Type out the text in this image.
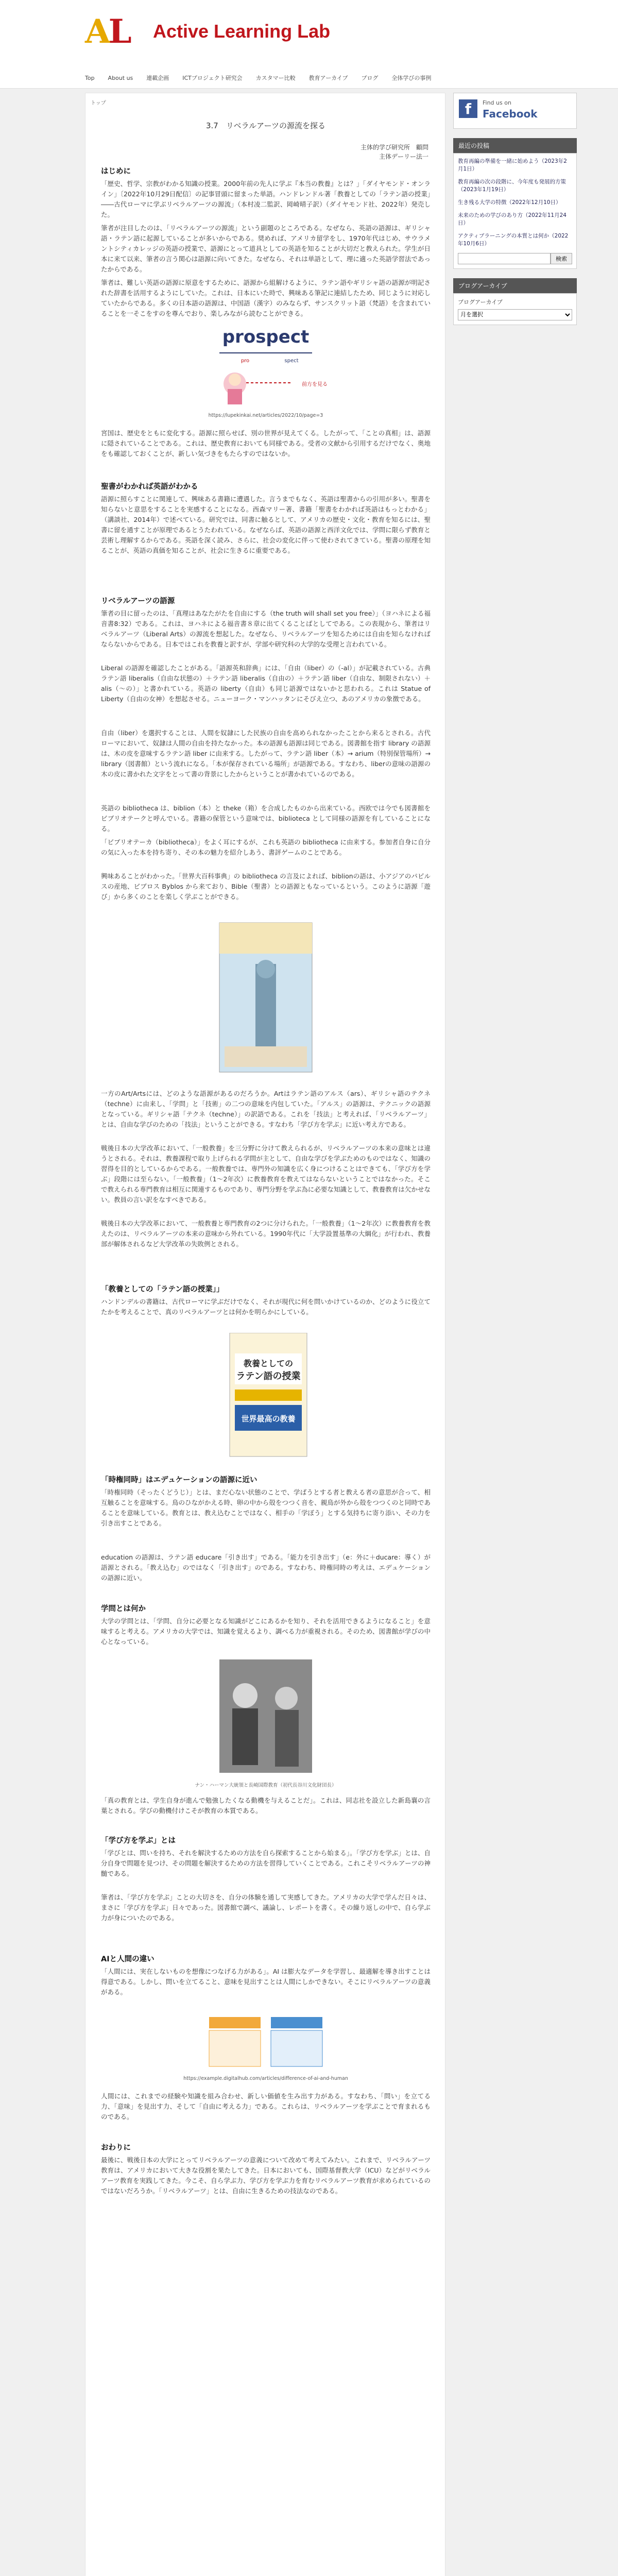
AL Active Learning Lab
Top About us 連載企画 ICTプロジェクト研究会 カスタマー比較 教育アーカイブ ブログ 全体学びの事例
トップ
3.7　リベラルアーツの源流を探る
主体的学び研究所　顧問
主体デーリー法一
はじめに
「歴史、哲学、宗教がわかる知識の授業。2000年前の先人に学ぶ『本当の教養』とは？」「ダイヤモンド・オンライン」〔2022年10月29日配信〕の記事冒頭に留まった単語。ハンドレンドル著「教養としての「ラテン語の授業」――古代ローマに学ぶリベラルアーツの源流」（本村凌二監訳、岡崎晴子訳）（ダイヤモンド社、2022年）発売した。
筆者が注目したのは、「リベラルアーツの源流」という副題のところである。なぜなら、英語の語源は、ギリシャ語・ラテン語に起源していることが多いからである。奨めれば、アメリカ留学をし、1970年代はじめ、サウラメントシティカレッジの英語の授業で、語源にとって道具としての英語を知ることが大切だと教えられた。学生が日本に来て以来、筆者の言う関心は語源に向いてきた。なぜなら、それは単語として、理に適った英語学習法であったからである。
筆者は、難しい英語の語源に原意をするために、語源から組解けるように、ラテン語やギリシャ語の語源が明記された辞書を活用するようにしていた。これは、日本にいた時で、興味ある筆記に連結したため、同じように対応していたからである。多くの日本語の語源は、中国語（漢字）のみならず、サンスクリット語（梵語）を含まれていることを一そこをすのを尊んでおり、楽しみながら読むことができる。
prospect
pro	spect
前方を見る
https://lupekinkai.net/articles/2022/10/page=3
宮国は、歴史をともに変化する。語源に照らせば、別の世界が見えてくる。したがって、「ことの真相」は、語源に隠されていることである。これは、歴史教育においても同様である。受者の文献から引用するだけでなく、奥地をも確認しておくことが、新しい気づきをもたらすのではないか。
聖書がわかれば英語がわかる
語源に照らすことに関連して、興味ある書籍に遭遇した。言うまでもなく、英語は聖書からの引用が多い。聖書を知らないと意思をすることを実感することになる。西森マリー著、書籍「聖書をわかれば英語はもっとわかる」（講談社、2014年）で述べている。研究では、同書に触るとして、アメリカの歴史・文化・教育を知るには、聖書に留を通すことが原理であるとうたわれている。なぜならば、英語の語源と西洋文化では、学問に限らず教育と芸術し理解するからである。英語を深く読み、さらに、社会の変化に伴って使わされてきている。聖書の原理を知ることが、英語の真価を知ることが、社会に生きるに重要である。
リベラルアーツの語源
筆者の目に留ったのは、「真理はあなたがたを自由にする（the truth will shall set you free）」（ヨハネによる福音書8:32）である。これは、ヨハネによる福音書８章に出てくることばとしてである。この表現から、筆者はリベラルアーツ（Liberal Arts）の源流を想起した。なぜなら、リベラルアーツを知るためには自由を知らなければならないからである。日本ではこれを教養と訳すが、学部や研究科の大学的な受理と言われている。
Liberal の語源を確認したことがある。「語源英和辞典」には、「自由（liber）の（-al）」が記載されている。古典ラテン語 liberalis（自由な状態の）＋ラテン語 liberalis（自由の）＋ラテン語 liber（自由な、制限されない）＋ alis（～の）」と書かれている。英語の liberty（自由）も同じ語源ではないかと思われる。これは Statue of Liberty（自由の女神）を想起させる。ニューヨーク・マンハッタンにそびえ立つ、あのアメリカの象徴である。
自由（liber）を選択することは、人間を奴隷にした民族の自由を高められなかったことから来るとされる。古代ローマにおいて、奴隷は人間の自由を持たなかった。本の語源も語源は同じである。図書館を指す library の語源は、木の皮を意味するラテン語 liber に由来する。したがって、ラテン語 liber（本）→ arium（特別保管場所）→ library（図書館）という流れになる。「本が保存されている場所」が語源である。すなわち、liberの意味の語源の木の皮に書かれた文字をとって書の背景にしたからということが書かれているのである。
英語の bibliotheca は、biblion（本）と theke（箱）を合成したものから出来ている。西欧では今でも図書館をビブリオテークと呼んでいる。書籍の保管という意味では、biblioteca として同様の語源を有していることになる。
「ビブリオテーカ（bibliotheca）」をよく耳にするが、これも英語の bibliotheca に由来する。参加者自身に自分の気に入った本を持ち寄り、その本の魅力を紹介しあう、書評ゲームのことである。
興味あることがわかった。「世界大百科事典」の bibliotheca の言及によれば、biblionの語は、小アジアのパピルスの産地、ビブロス Byblos から来ており、Bible（聖書）との語源ともなっているという。このように語源「遊び」から多くのことを楽しく学ぶことができる。
一方のArt/Artsには、どのような語源があるのだろうか。Artはラテン語のアルス（ars）、ギリシャ語のテクネ（techne）に由来し、「学問」と「技術」の二つの意味を内包していた。「アルス」の語源は、テクニックの語源となっている。ギリシャ語「テクネ（techne）」の訳語である。これを「技法」と考えれば、「リベラルアーツ」とは、自由な学びのための「技法」ということができる。すなわち「学び方を学ぶ」に近い考え方である。
戦後日本の大学改革において、「一般教養」を三分野に分けて教えられるが、リベラルアーツの本来の意味とは違うとされる。それは、教養課程で取り上げられる学問が主として、自由な学びを学ぶためのものではなく、知識の習得を目的としているからである。一般教養では、専門外の知識を広く身につけることはできても、「学び方を学ぶ」段階には至らない。「一般教養」（1～2年次）に教養教育を教えてはならないということではなかった。そこで教えられる専門教育は相互に関連するものであり、専門分野を学ぶ為に必要な知識として、教養教育は欠かせない。教員の言い訳をなすべきである。
戦後日本の大学改革において、一般教養と専門教育の2つに分けられた。「一般教養」（1～2年次）に教養教育を教えたのは、リベラルアーツの本来の意味から外れている。1990年代に「大学設置基準の大綱化」が行われ、教養部が解体されるなど大学改革の失敗例とされる。
「教養としての「ラテン語の授業」」
ハンドンデルの書籍は、古代ローマに学ぶだけでなく、それが現代に何を問いかけているのか、どのように役立てたかを考えることで、真のリベラルアーツとは何かを明らかにしている。
教養としての
ラテン語の授業
世界最高の教養
「時権同時」はエデュケーションの語源に近い
「時権同時（そったくどうじ）」とは、まだ心ない状態のことで、学ばうとする者と教える者の意思が合って、相互触ることを意味する。鳥のひながかえる時、卵の中から殻をつつく音を、親鳥が外から殻をつつくのと同時であることを意味している。教育とは、教え込むことではなく、相手の「学ぼう」とする気持ちに寄り添い、その力を引き出すことである。
education の語源は、ラテン語 educare「引き出す」である。「能力を引き出す」（e：外に＋ducare：導く）が語源とされる。「教え込む」のではなく「引き出す」のである。すなわち、時権同時の考えは、エデュケーションの語源に近い。
学問とは何か
大学の学問とは、「学問、自分に必要となる知識がどこにあるかを知り、それを活用できるようになること」を意味すると考える。アメリカの大学では、知識を覚えるより、調べる力が重視される。そのため、図書館が学びの中心となっている。
ナン・ハーマン大統領と長崎国際教育（初代長谷川文化財団長）
「真の教育とは、学生自身が進んで勉強したくなる動機を与えることだ」。これは、同志社を設立した新島襄の言葉とされる。学びの動機付けこそが教育の本質である。
「学び方を学ぶ」とは
「学びとは、問いを持ち、それを解決するための方法を自ら探索することから始まる」。「学び方を学ぶ」とは、自分自身で問題を見つけ、その問題を解決するための方法を習得していくことである。これこそリベラルアーツの神髄である。
筆者は、「学び方を学ぶ」ことの大切さを、自分の体験を通して実感してきた。アメリカの大学で学んだ日々は、まさに「学び方を学ぶ」日々であった。図書館で調べ、議論し、レポートを書く。その繰り返しの中で、自ら学ぶ力が身についたのである。
AIと人間の違い
「人間には、実在しないものを想像につなげる力がある」。AI は膨大なデータを学習し、最適解を導き出すことは得意である。しかし、問いを立てること、意味を見出すことは人間にしかできない。そこにリベラルアーツの意義がある。
https://example.digitalhub.com/articles/difference-of-ai-and-human
人間には、これまでの経験や知識を組み合わせ、新しい価値を生み出す力がある。すなわち、「問い」を立てる力、「意味」を見出す力、そして「自由に考える力」である。これらは、リベラルアーツを学ぶことで育まれるものである。
おわりに
最後に、戦後日本の大学にとってリベラルアーツの意義について改めて考えてみたい。これまで、リベラルアーツ教育は、アメリカにおいて大きな役割を果たしてきた。日本においても、国際基督教大学（ICU）などがリベラルアーツ教育を実践してきた。今こそ、自ら学ぶ力、学び方を学ぶ力を育むリベラルアーツ教育が求められているのではないだろうか。「リベラルアーツ」とは、自由に生きるための技法なのである。
f	Find us on
Facebook
最近の投稿
教育再編の準備を一緒に始めよう（2023年2月1日）
教育再編の次の段階に、今年度も発展的方策（2023年1月19日）
生き残る大学の特徴（2022年12月10日）
未来のための学びのあり方（2022年11月24日）
アクティブラーニングの本質とは何か（2022年10月6日）
検索
ブログアーカイブ
ブログアーカイブ
月を選択
